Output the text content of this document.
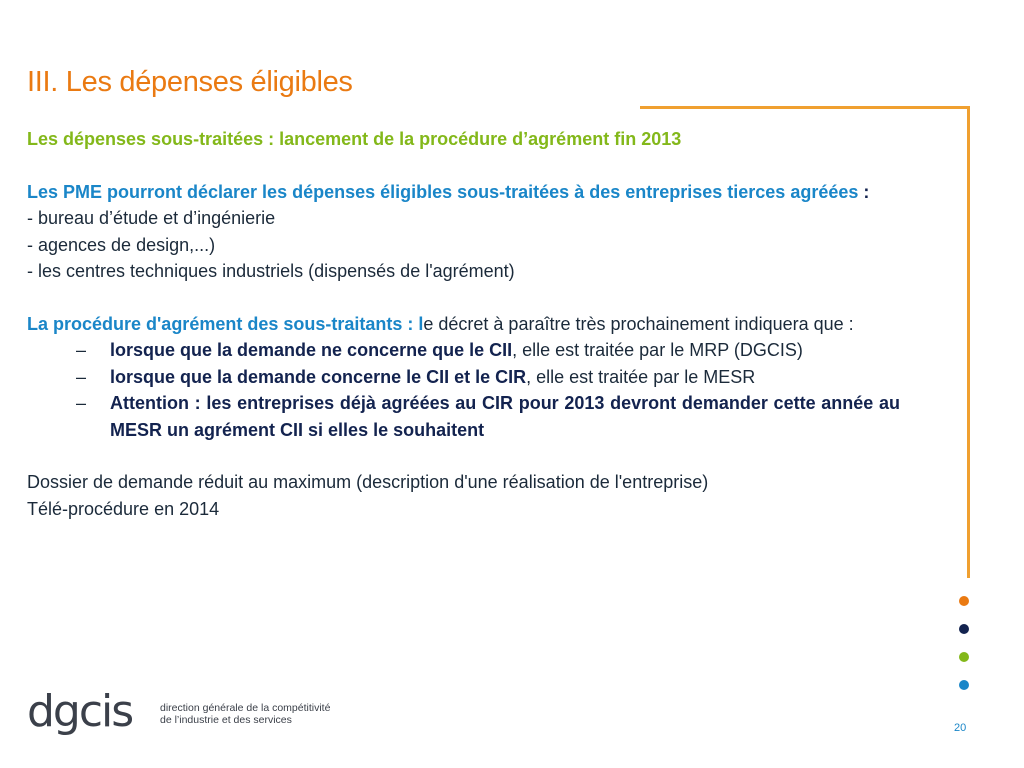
III. Les dépenses éligibles

Les dépenses sous-traitées : lancement de la procédure d’agrément fin 2013

Les PME pourront déclarer les dépenses éligibles sous-traitées à des entreprises tierces agréées :

- bureau d’étude et d’ingénierie

- agences de design,...)

- les centres techniques industriels (dispensés de l'agrément)

La procédure d'agrément des sous-traitants : le décret à paraître très prochainement indiquera que :

– lorsque que la demande ne concerne que le CII, elle est traitée par le MRP (DGCIS)
– lorsque que la demande concerne le CII et le CIR, elle est traitée par le MESR
– Attention : les entreprises déjà agréées au CIR pour 2013 devront demander cette année au MESR un agrément CII si elles le souhaitent

Dossier de demande réduit au maximum (description d'une réalisation de l'entreprise)

Télé-procédure en 2014

dgcis	direction générale de la compétitivité
de l’industrie et des services
20
